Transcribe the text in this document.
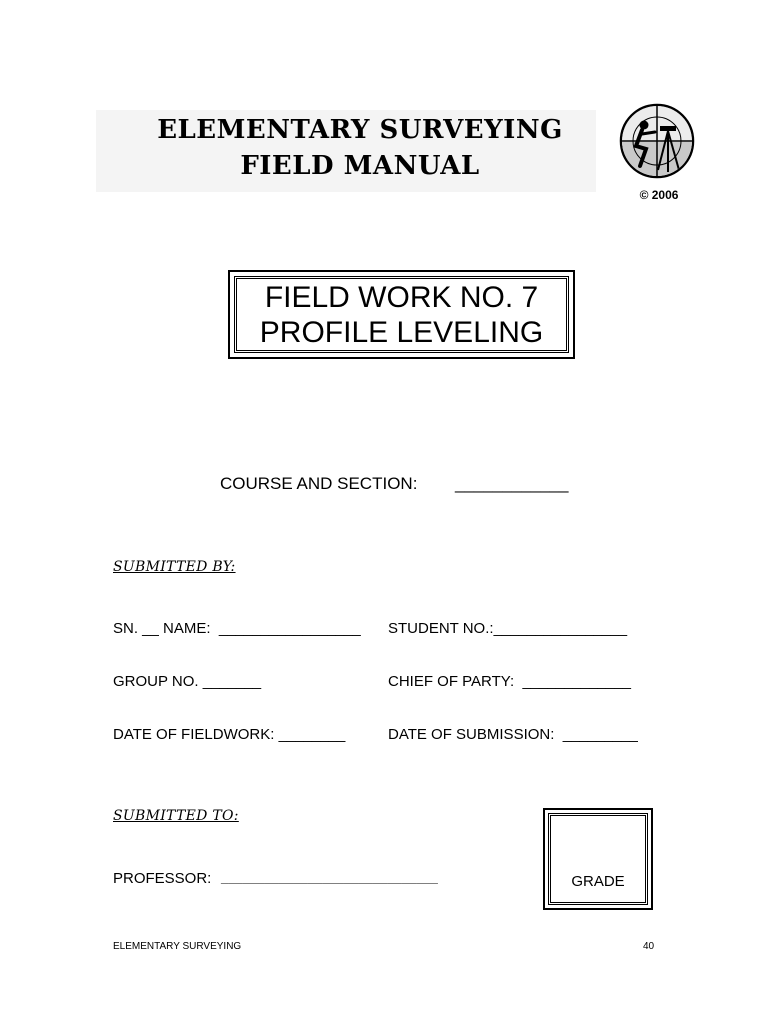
ELEMENTARY SURVEYING
FIELD MANUAL
© 2006
FIELD WORK NO. 7
PROFILE LEVELING
COURSE AND SECTION: ____________
SUBMITTED BY:
SN. __ NAME:  _________________ STUDENT NO.:________________
GROUP NO. _______	CHIEF OF PARTY:  _____________
DATE OF FIELDWORK: ________	DATE OF SUBMISSION:  _________
SUBMITTED TO:
PROFESSOR: ______________________________	GRADE
ELEMENTARY SURVEYING	40
